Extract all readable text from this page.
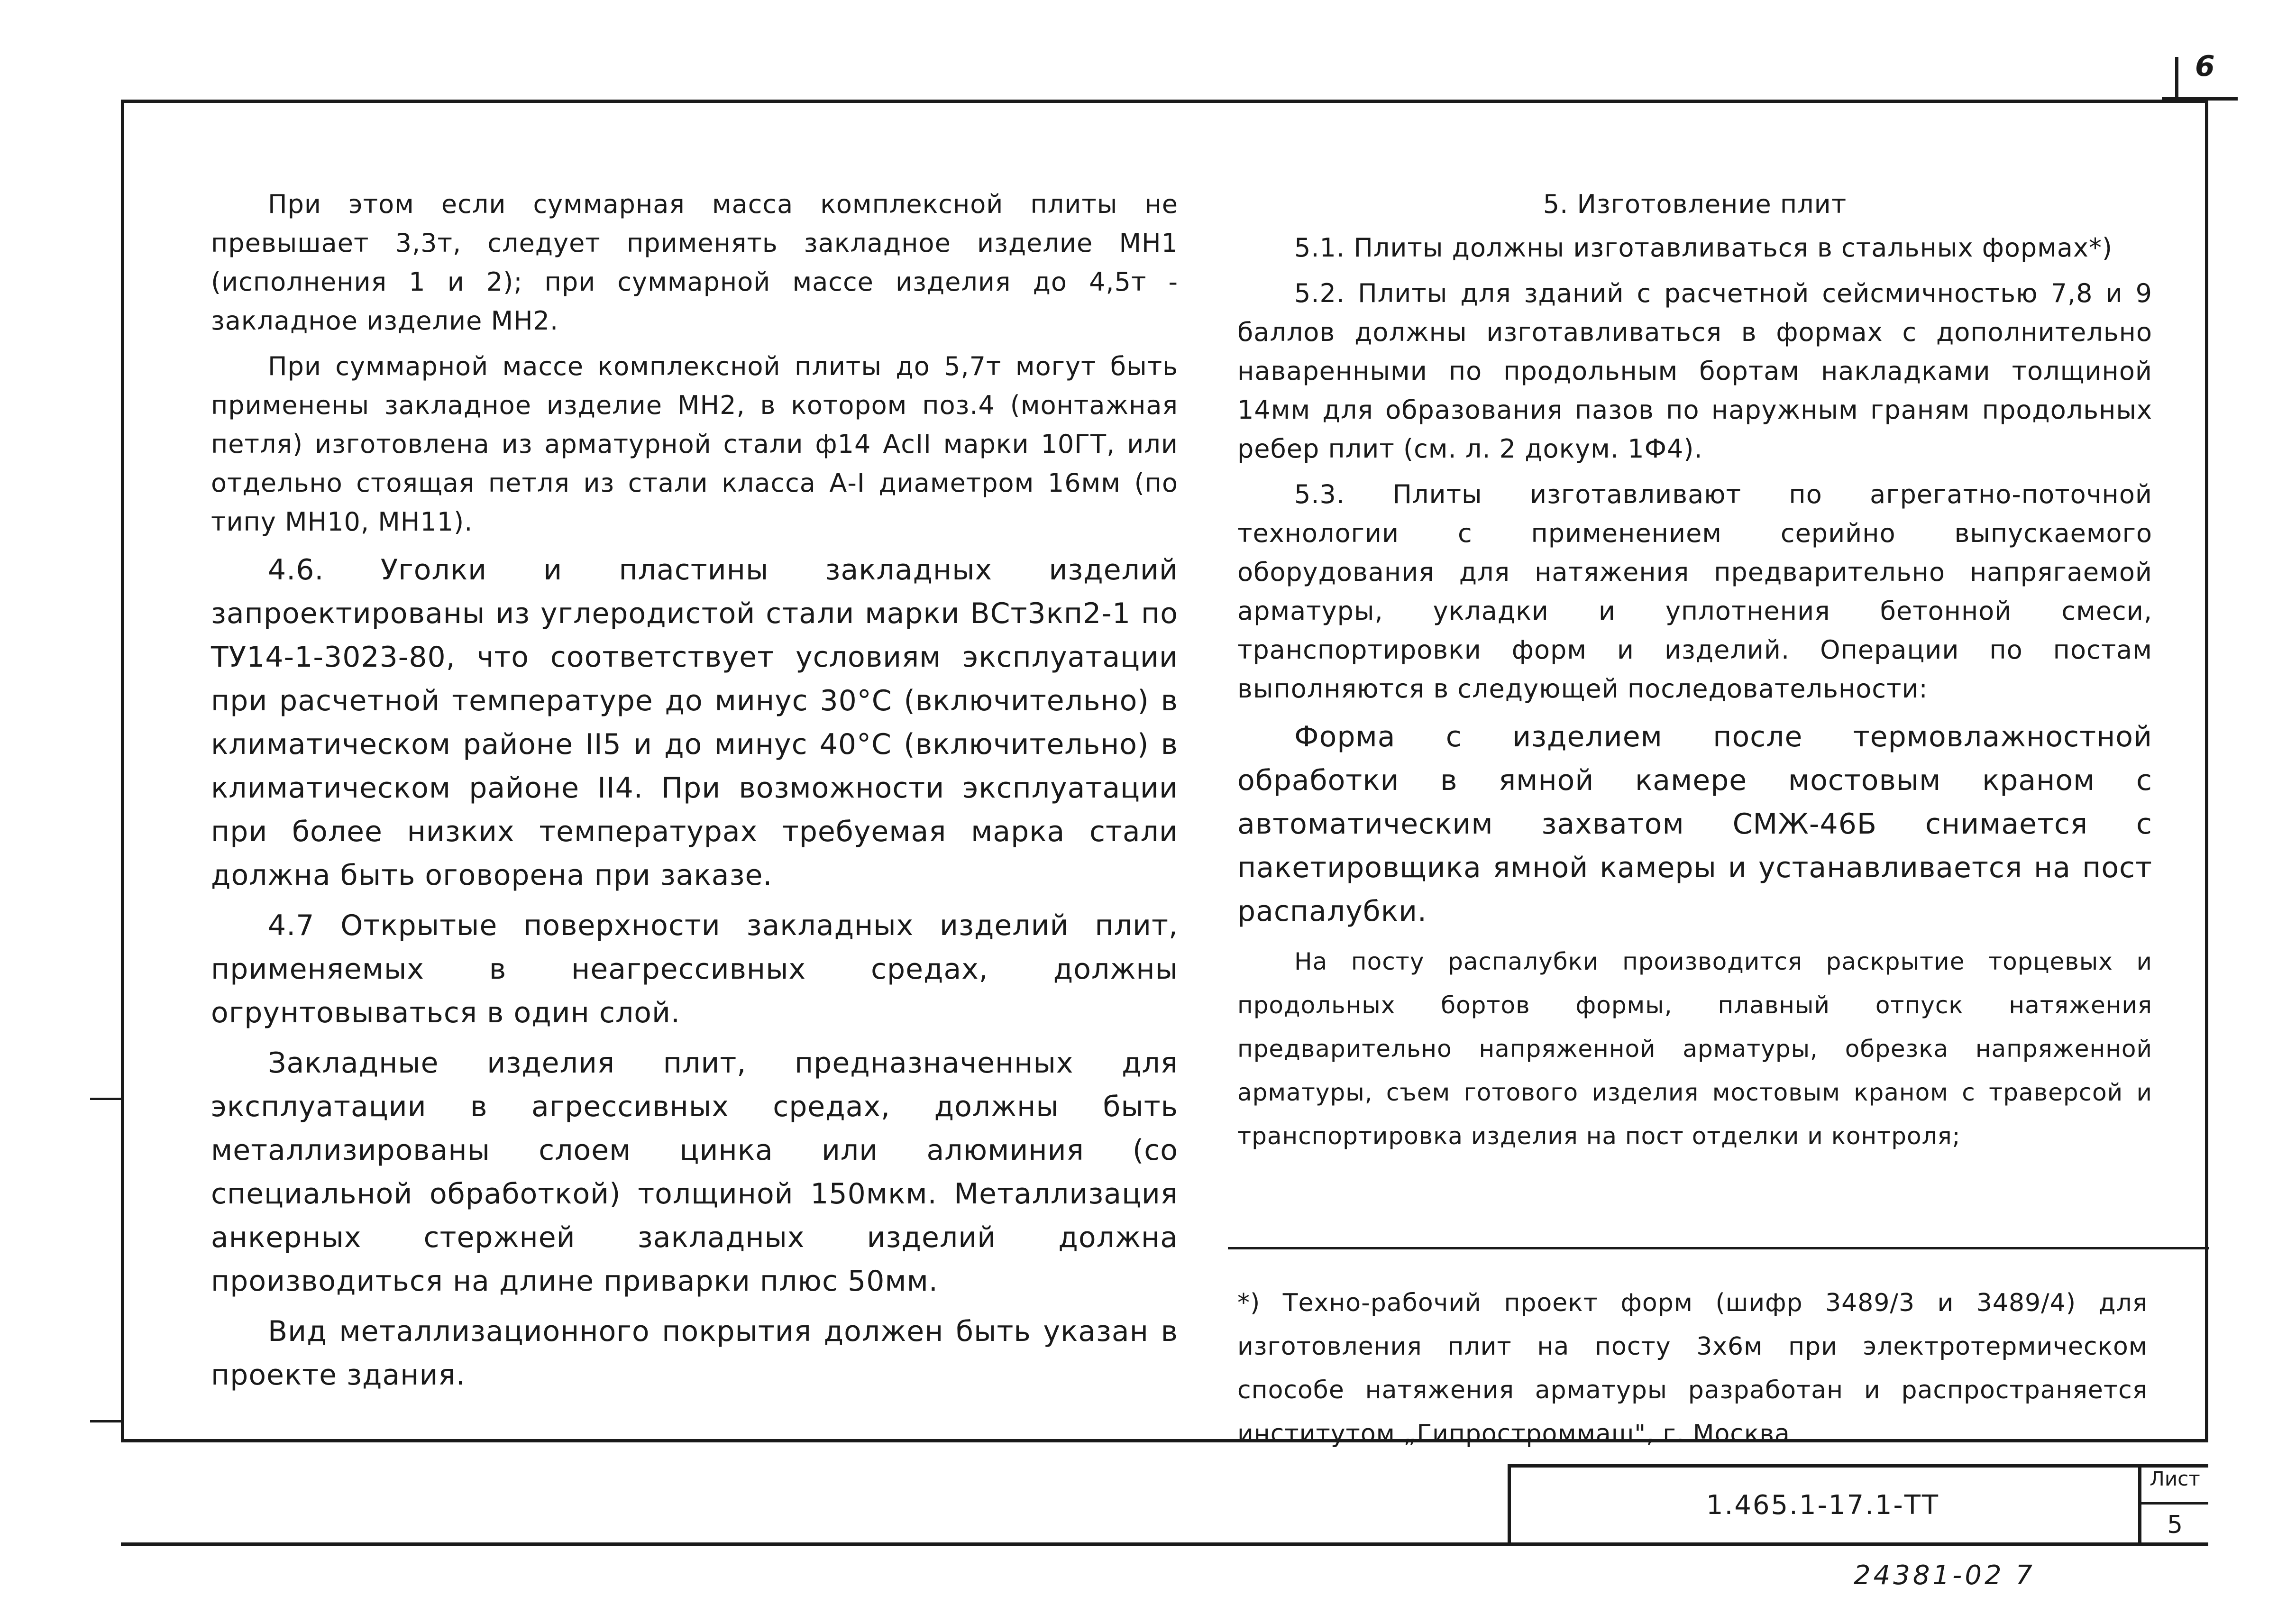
6

При этом если суммарная масса комплексной плиты не превышает 3,3т, следует применять закладное изделие МН1 (исполнения 1 и 2); при суммарной массе изделия до 4,5т - закладное изделие МН2.

При суммарной массе комплексной плиты до 5,7т могут быть применены закладное изделие МН2, в котором поз.4 (монтажная петля) изготовлена из арматурной стали ф14 АсII марки 10ГТ, или отдельно стоящая петля из стали класса А-I диаметром 16мм (по типу МН10, МН11).

4.6. Уголки и пластины закладных изделий запроектированы из углеродистой стали марки ВСт3кп2-1 по ТУ14-1-3023-80, что соответствует условиям эксплуатации при расчетной температуре до минус 30°С (включительно) в климатическом районе II5 и до минус 40°С (включительно) в климатическом районе II4. При возможности эксплуатации при более низких температурах требуемая марка стали должна быть оговорена при заказе.

4.7 Открытые поверхности закладных изделий плит, применяемых в неагрессивных средах, должны огрунтовываться в один слой.

Закладные изделия плит, предназначенных для эксплуатации в агрессивных средах, должны быть металлизированы слоем цинка или алюминия (со специальной обработкой) толщиной 150мкм. Металлизация анкерных стержней закладных изделий должна производиться на длине приварки плюс 50мм.

Вид металлизационного покрытия должен быть указан в проекте здания.

5. Изготовление плит

5.1. Плиты должны изготавливаться в стальных формах*)

5.2. Плиты для зданий с расчетной сейсмичностью 7,8 и 9 баллов должны изготавливаться в формах с дополнительно наваренными по продольным бортам накладками толщиной 14мм для образования пазов по наружным граням продольных ребер плит (см. л. 2 докум. 1Ф4).

5.3. Плиты изготавливают по агрегатно-поточной технологии с применением серийно выпускаемого оборудования для натяжения предварительно напрягаемой арматуры, укладки и уплотнения бетонной смеси, транспортировки форм и изделий. Операции по постам выполняются в следующей последовательности:

Форма с изделием после термовлажностной обработки в ямной камере мостовым краном с автоматическим захватом СМЖ-46Б снимается с пакетировщика ямной камеры и устанавливается на пост распалубки.

На посту распалубки производится раскрытие торцевых и продольных бортов формы, плавный отпуск натяжения предварительно напряженной арматуры, обрезка напряженной арматуры, съем готового изделия мостовым краном с траверсой и транспортировка изделия на пост отделки и контроля;

*) Техно-рабочий проект форм (шифр 3489/3 и 3489/4) для изготовления плит на посту 3х6м при электротермическом способе натяжения арматуры разработан и распространяется институтом „Гипростроммаш", г. Москва

1.465.1-17.1-ТТ
Лист
5
24381-02 7
